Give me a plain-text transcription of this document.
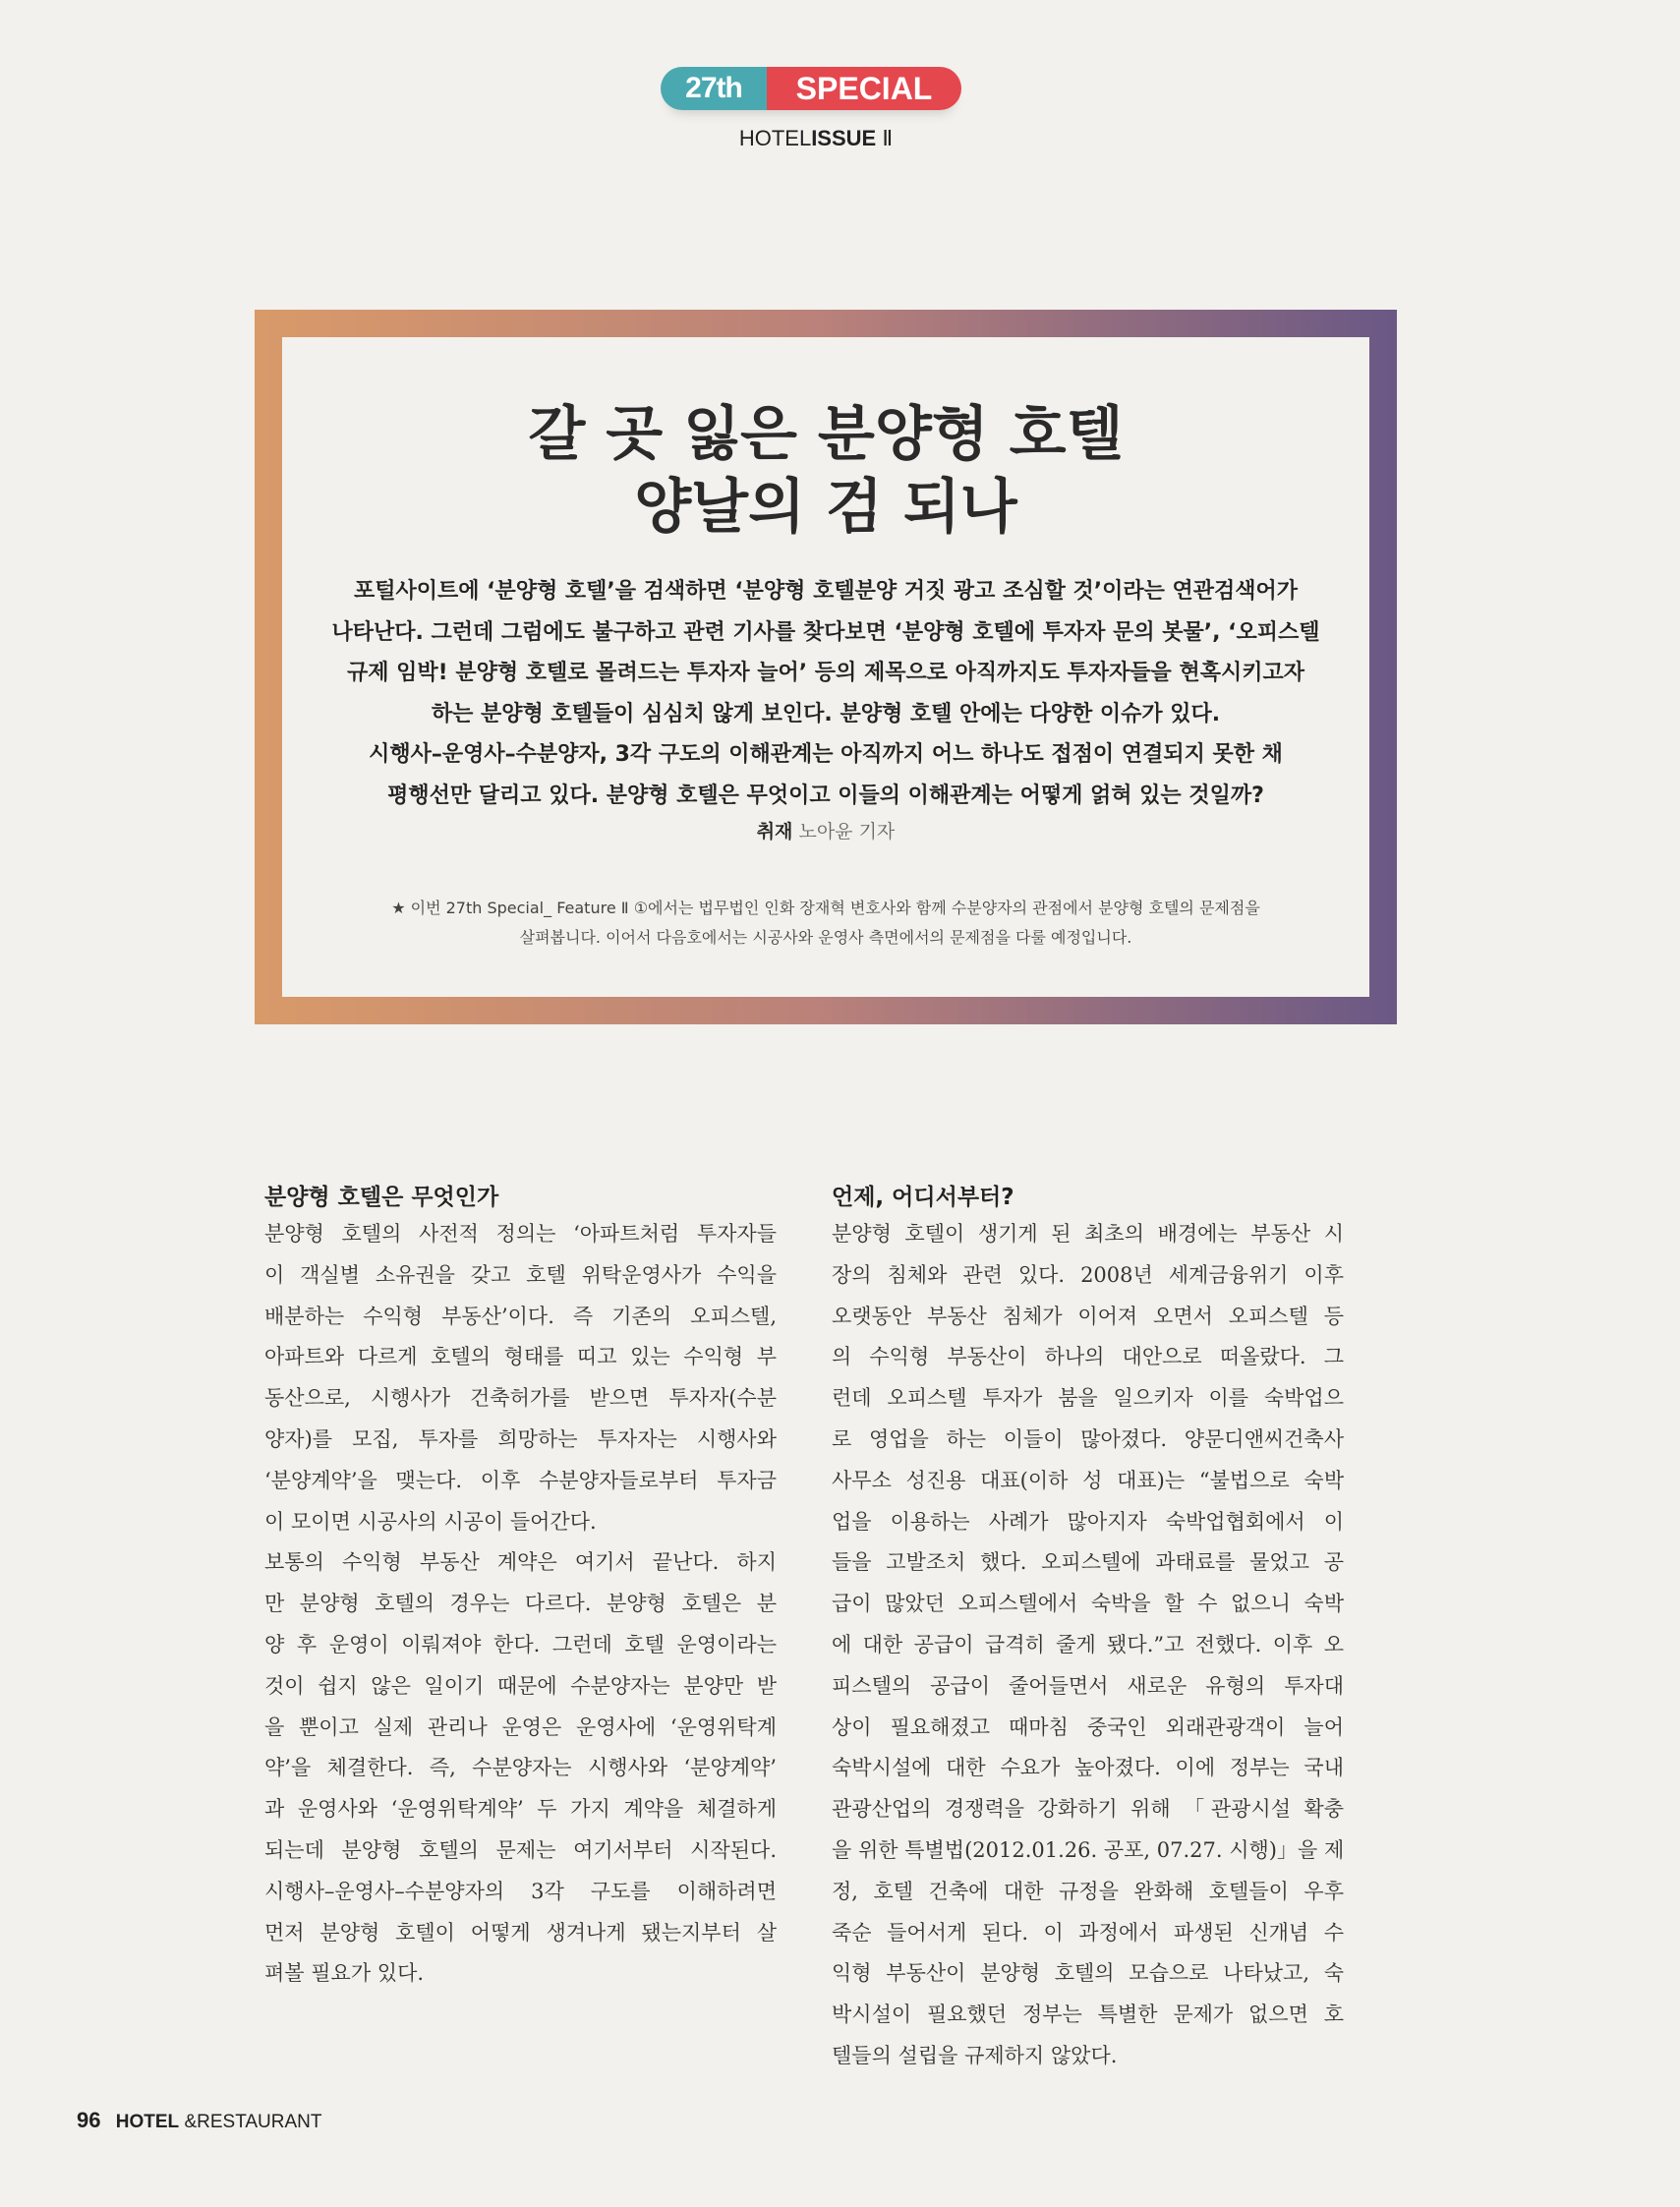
27th	SPECIAL
HOTELISSUE Ⅱ
갈 곳 잃은 분양형 호텔
양날의 검 되나
포털사이트에 ‘분양형 호텔’을 검색하면 ‘분양형 호텔분양 거짓 광고 조심할 것’이라는 연관검색어가
나타난다. 그런데 그럼에도 불구하고 관련 기사를 찾다보면 ‘분양형 호텔에 투자자 문의 봇물’, ‘오피스텔
규제 임박! 분양형 호텔로 몰려드는 투자자 늘어’ 등의 제목으로 아직까지도 투자자들을 현혹시키고자
하는 분양형 호텔들이 심심치 않게 보인다. 분양형 호텔 안에는 다양한 이슈가 있다.
시행사–운영사–수분양자, 3각 구도의 이해관계는 아직까지 어느 하나도 접점이 연결되지 못한 채
평행선만 달리고 있다. 분양형 호텔은 무엇이고 이들의 이해관계는 어떻게 얽혀 있는 것일까?
취재 노아윤 기자
★ 이번 27th Special_ Feature Ⅱ ①에서는 법무법인 인화 장재혁 변호사와 함께 수분양자의 관점에서 분양형 호텔의 문제점을
살펴봅니다. 이어서 다음호에서는 시공사와 운영사 측면에서의 문제점을 다룰 예정입니다.
분양형 호텔은 무엇인가
분양형 호텔의 사전적 정의는 ‘아파트처럼 투자자들
이 객실별 소유권을 갖고 호텔 위탁운영사가 수익을
배분하는 수익형 부동산’이다. 즉 기존의 오피스텔,
아파트와 다르게 호텔의 형태를 띠고 있는 수익형 부
동산으로, 시행사가 건축허가를 받으면 투자자(수분
양자)를 모집, 투자를 희망하는 투자자는 시행사와
‘분양계약’을 맺는다. 이후 수분양자들로부터 투자금
이 모이면 시공사의 시공이 들어간다.
보통의 수익형 부동산 계약은 여기서 끝난다. 하지
만 분양형 호텔의 경우는 다르다. 분양형 호텔은 분
양 후 운영이 이뤄져야 한다. 그런데 호텔 운영이라는
것이 쉽지 않은 일이기 때문에 수분양자는 분양만 받
을 뿐이고 실제 관리나 운영은 운영사에 ‘운영위탁계
약’을 체결한다. 즉, 수분양자는 시행사와 ‘분양계약’
과 운영사와 ‘운영위탁계약’ 두 가지 계약을 체결하게
되는데 분양형 호텔의 문제는 여기서부터 시작된다.
시행사–운영사–수분양자의 3각 구도를 이해하려면
먼저 분양형 호텔이 어떻게 생겨나게 됐는지부터 살
펴볼 필요가 있다.
언제, 어디서부터?
분양형 호텔이 생기게 된 최초의 배경에는 부동산 시
장의 침체와 관련 있다. 2008년 세계금융위기 이후
오랫동안 부동산 침체가 이어져 오면서 오피스텔 등
의 수익형 부동산이 하나의 대안으로 떠올랐다. 그
런데 오피스텔 투자가 붐을 일으키자 이를 숙박업으
로 영업을 하는 이들이 많아졌다. 양문디앤씨건축사
사무소 성진용 대표(이하 성 대표)는 “불법으로 숙박
업을 이용하는 사례가 많아지자 숙박업협회에서 이
들을 고발조치 했다. 오피스텔에 과태료를 물었고 공
급이 많았던 오피스텔에서 숙박을 할 수 없으니 숙박
에 대한 공급이 급격히 줄게 됐다.”고 전했다. 이후 오
피스텔의 공급이 줄어들면서 새로운 유형의 투자대
상이 필요해졌고 때마침 중국인 외래관광객이 늘어
숙박시설에 대한 수요가 높아졌다. 이에 정부는 국내
관광산업의 경쟁력을 강화하기 위해 「관광시설 확충
을 위한 특별법(2012.01.26. 공포, 07.27. 시행)」을 제
정, 호텔 건축에 대한 규정을 완화해 호텔들이 우후
죽순 들어서게 된다. 이 과정에서 파생된 신개념 수
익형 부동산이 분양형 호텔의 모습으로 나타났고, 숙
박시설이 필요했던 정부는 특별한 문제가 없으면 호
텔들의 설립을 규제하지 않았다.
96 HOTEL &RESTAURANT
